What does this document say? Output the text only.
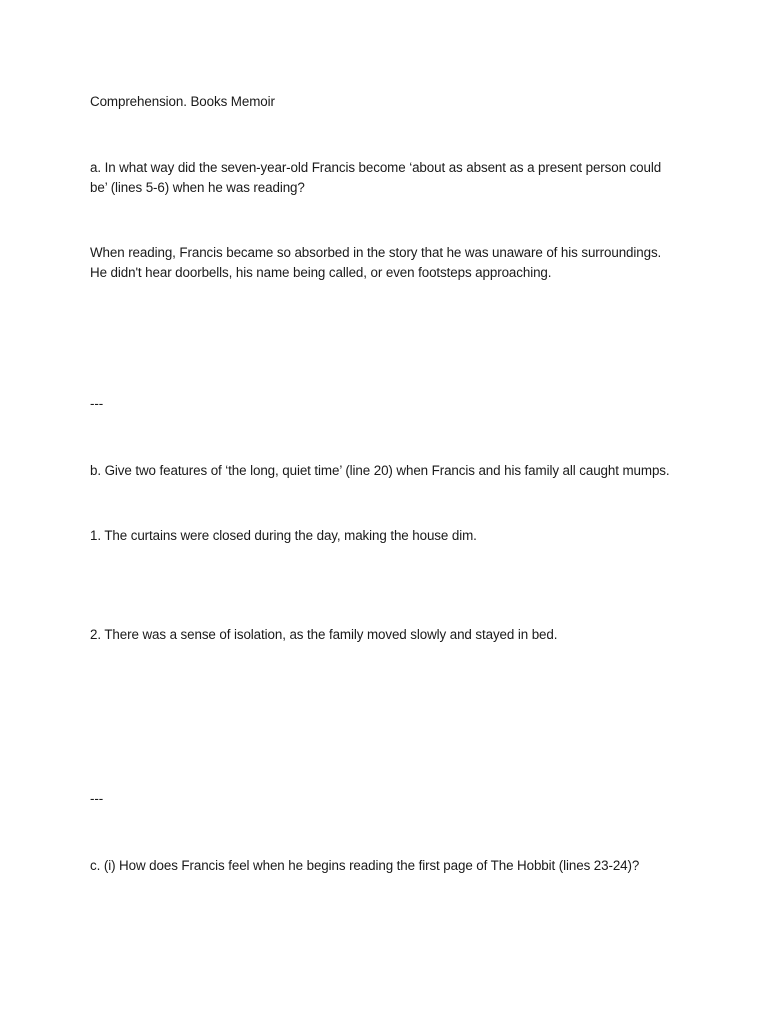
Comprehension. Books Memoir
a. In what way did the seven-year-old Francis become ‘about as absent as a present person could be’ (lines 5-6) when he was reading?
When reading, Francis became so absorbed in the story that he was unaware of his surroundings. He didn't hear doorbells, his name being called, or even footsteps approaching.
---
b. Give two features of ‘the long, quiet time’ (line 20) when Francis and his family all caught mumps.
1. The curtains were closed during the day, making the house dim.
2. There was a sense of isolation, as the family moved slowly and stayed in bed.
---
c. (i) How does Francis feel when he begins reading the first page of The Hobbit (lines 23-24)?
